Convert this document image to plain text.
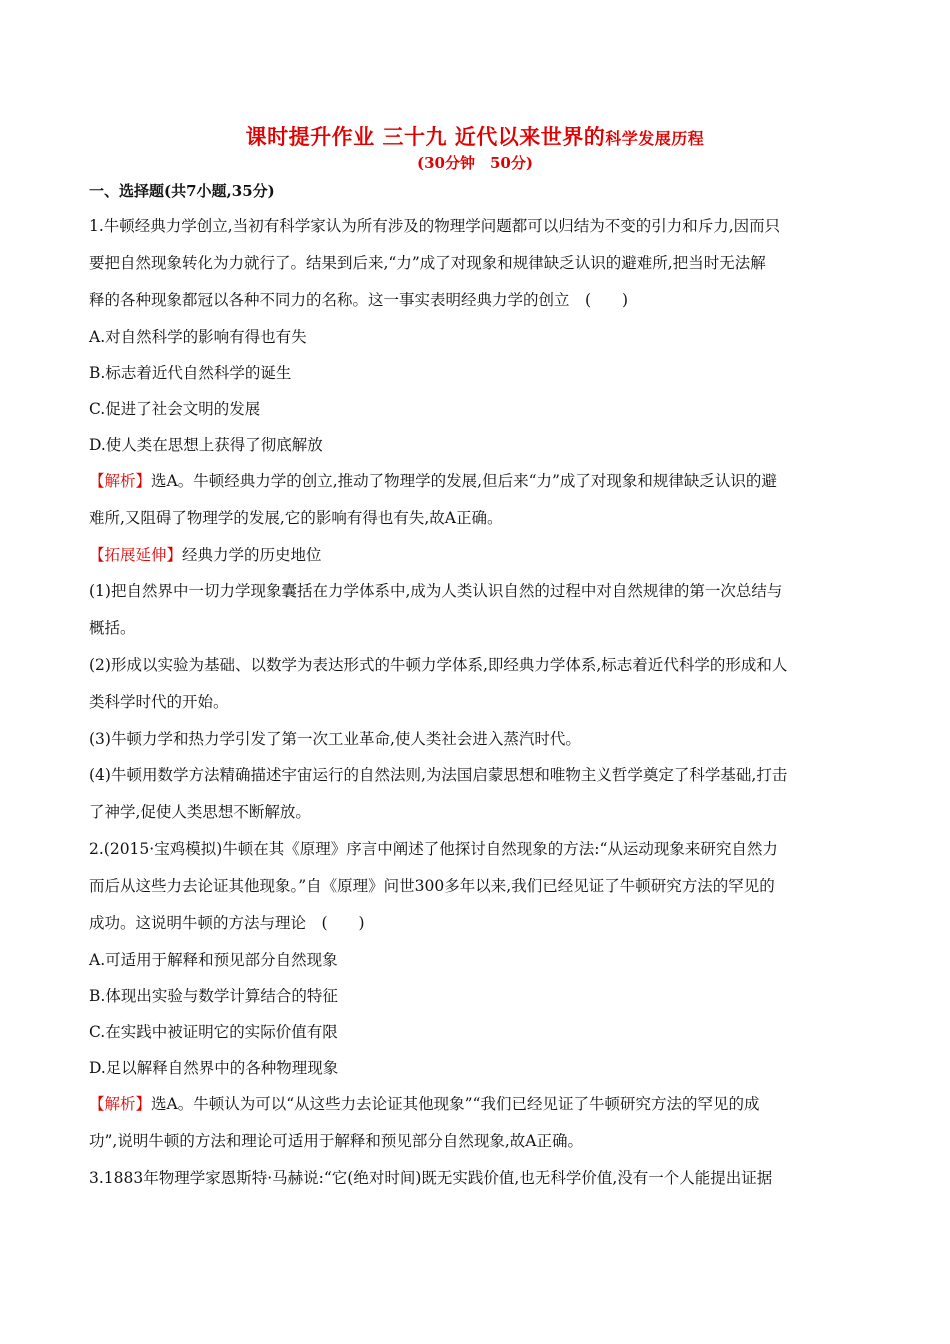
课时提升作业 三十九 近代以来世界的科学发展历程
(30分钟　50分)
一、选择题(共7小题,35分)
1.牛顿经典力学创立,当初有科学家认为所有涉及的物理学问题都可以归结为不变的引力和斥力,因而只
要把自然现象转化为力就行了。结果到后来,“力”成了对现象和规律缺乏认识的避难所,把当时无法解
释的各种现象都冠以各种不同力的名称。这一事实表明经典力学的创立　(　　)
A.对自然科学的影响有得也有失
B.标志着近代自然科学的诞生
C.促进了社会文明的发展
D.使人类在思想上获得了彻底解放
【解析】选A。牛顿经典力学的创立,推动了物理学的发展,但后来“力”成了对现象和规律缺乏认识的避
难所,又阻碍了物理学的发展,它的影响有得也有失,故A正确。
【拓展延伸】经典力学的历史地位
(1)把自然界中一切力学现象囊括在力学体系中,成为人类认识自然的过程中对自然规律的第一次总结与
概括。
(2)形成以实验为基础、以数学为表达形式的牛顿力学体系,即经典力学体系,标志着近代科学的形成和人
类科学时代的开始。
(3)牛顿力学和热力学引发了第一次工业革命,使人类社会进入蒸汽时代。
(4)牛顿用数学方法精确描述宇宙运行的自然法则,为法国启蒙思想和唯物主义哲学奠定了科学基础,打击
了神学,促使人类思想不断解放。
2.(2015·宝鸡模拟)牛顿在其《原理》序言中阐述了他探讨自然现象的方法:“从运动现象来研究自然力
而后从这些力去论证其他现象。”自《原理》问世300多年以来,我们已经见证了牛顿研究方法的罕见的
成功。这说明牛顿的方法与理论　(　　)
A.可适用于解释和预见部分自然现象
B.体现出实验与数学计算结合的特征
C.在实践中被证明它的实际价值有限
D.足以解释自然界中的各种物理现象
【解析】选A。牛顿认为可以“从这些力去论证其他现象”“我们已经见证了牛顿研究方法的罕见的成
功”,说明牛顿的方法和理论可适用于解释和预见部分自然现象,故A正确。
3.1883年物理学家恩斯特·马赫说:“它(绝对时间)既无实践价值,也无科学价值,没有一个人能提出证据
